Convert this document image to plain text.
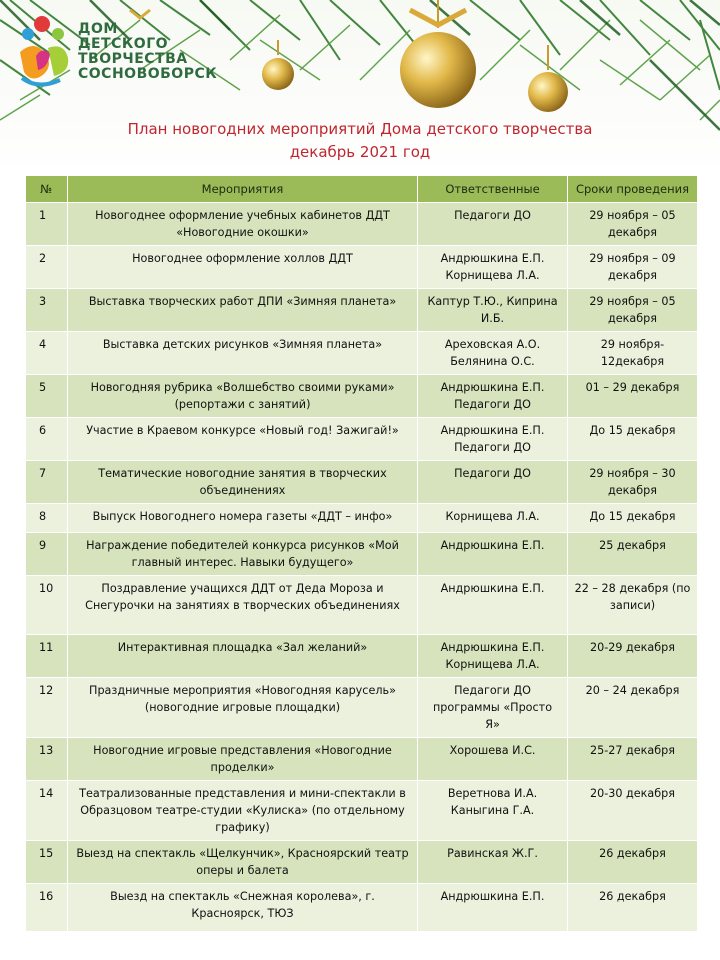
ДОМ
ДЕТСКОГО
ТВОРЧЕСТВА
СОСНОВОБОРСК
План новогодних мероприятий Дома детского творчества
декабрь 2021 год
№	Мероприятия	Ответственные	Сроки проведения
1	Новогоднее оформление учебных кабинетов ДДТ «Новогодние окошки»	Педагоги ДО	29 ноября – 05 декабря
2	Новогоднее оформление холлов ДДТ	Андрюшкина Е.П. Корнищева Л.А.	29 ноября – 09 декабря
3	Выставка творческих работ ДПИ «Зимняя планета»	Каптур Т.Ю., Киприна И.Б.	29 ноября – 05 декабря
4	Выставка детских рисунков «Зимняя планета»	Ареховская А.О. Белянина О.С.	29 ноября- 12декабря
5	Новогодняя рубрика «Волшебство своими руками» (репортажи с занятий)	Андрюшкина Е.П. Педагоги ДО	01 – 29 декабря
6	Участие в Краевом конкурсе «Новый год! Зажигай!»	Андрюшкина Е.П. Педагоги ДО	До 15 декабря
7	Тематические новогодние занятия в творческих объединениях	Педагоги ДО	29 ноября – 30 декабря
8	Выпуск Новогоднего номера газеты «ДДТ – инфо»	Корнищева Л.А.	До 15 декабря
9	Награждение победителей конкурса рисунков «Мой главный интерес. Навыки будущего»	Андрюшкина Е.П.	25 декабря
10	Поздравление учащихся ДДТ от Деда Мороза и Снегурочки на занятиях в творческих объединениях	Андрюшкина Е.П.	22 – 28 декабря (по записи)
11	Интерактивная площадка «Зал желаний»	Андрюшкина Е.П. Корнищева Л.А.	20-29 декабря
12	Праздничные мероприятия «Новогодняя карусель» (новогодние игровые площадки)	Педагоги ДО программы «Просто Я»	20 – 24 декабря
13	Новогодние игровые представления «Новогодние проделки»	Хорошева И.С.	25-27 декабря
14	Театрализованные представления и мини-спектакли в Образцовом театре-студии «Кулиска» (по отдельному графику)	Веретнова И.А. Каныгина Г.А.	20-30 декабря
15	Выезд на спектакль «Щелкунчик», Красноярский театр оперы и балета	Равинская Ж.Г.	26 декабря
16	Выезд на спектакль «Снежная королева», г. Красноярск, ТЮЗ	Андрюшкина Е.П.	26 декабря
